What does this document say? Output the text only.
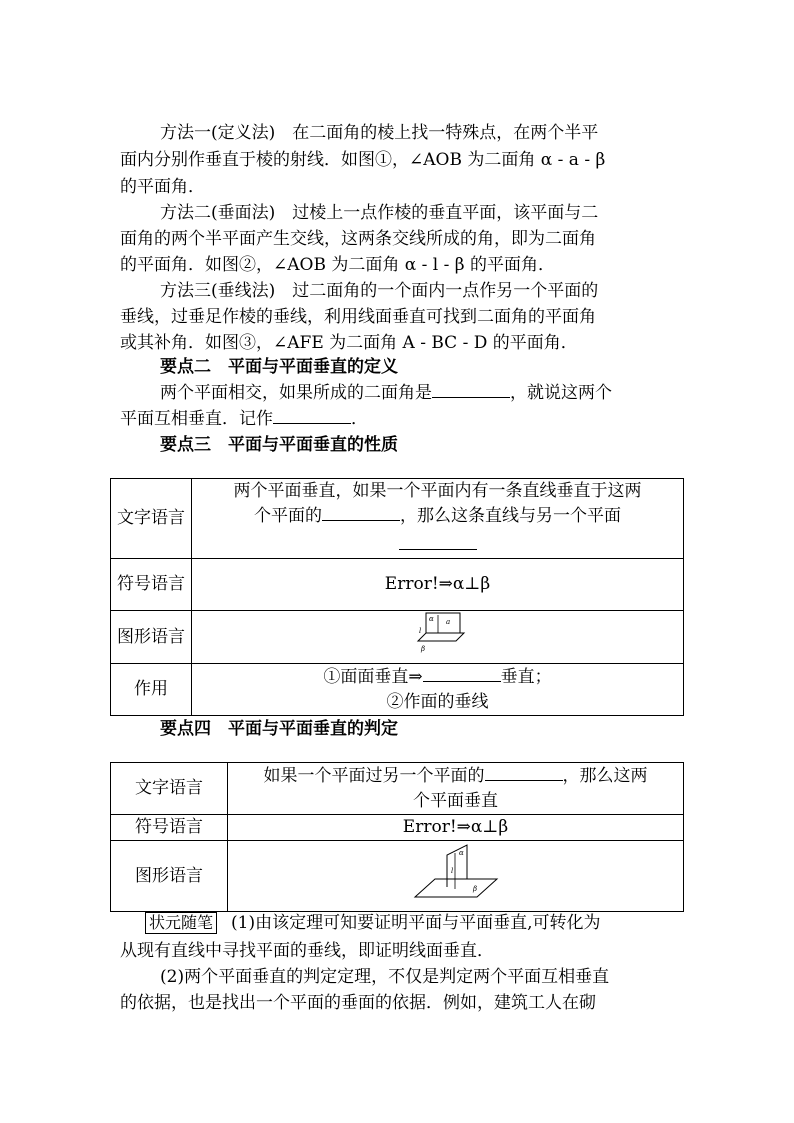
方法一(定义法)　 在二面角的棱上找一特殊点，在两个半平
面内分别作垂直于棱的射线．如图①，∠AOB 为二面角 α - a - β
的平面角．
方法二(垂面法)　 过棱上一点作棱的垂直平面，该平面与二
面角的两个半平面产生交线，这两条交线所成的角，即为二面角
的平面角．如图②，∠AOB 为二面角 α - l - β 的平面角．
方法三(垂线法)　 过二面角的一个面内一点作另一个平面的
垂线，过垂足作棱的垂线，利用线面垂直可找到二面角的平面角
或其补角．如图③，∠AFE 为二面角 A - BC - D 的平面角．
要点二　平面与平面垂直的定义
两个平面相交，如果所成的二面角是	，就说这两个
平面互相垂直．记作	．
要点三　平面与平面垂直的性质
文字语言	两个平面垂直，如果一个平面内有一条直线垂直于这两
个平面的 ，那么这条直线与另一个平面

符号语言	Error!⇒α⊥β
图形语言	α a
l
β

作用	①面面垂直⇒ 垂直；
②作面的垂线
要点四　平面与平面垂直的判定
文字语言	如果一个平面过另一个平面的 ，那么这两
个平面垂直

符号语言	Error!⇒α⊥β
图形语言	α
l
β
状元随笔 (1)由该定理可知要证明平面与平面垂直,可转化为
从现有直线中寻找平面的垂线，即证明线面垂直．
(2)两个平面垂直的判定定理，不仅是判定两个平面互相垂直
的依据，也是找出一个平面的垂面的依据．例如，建筑工人在砌
